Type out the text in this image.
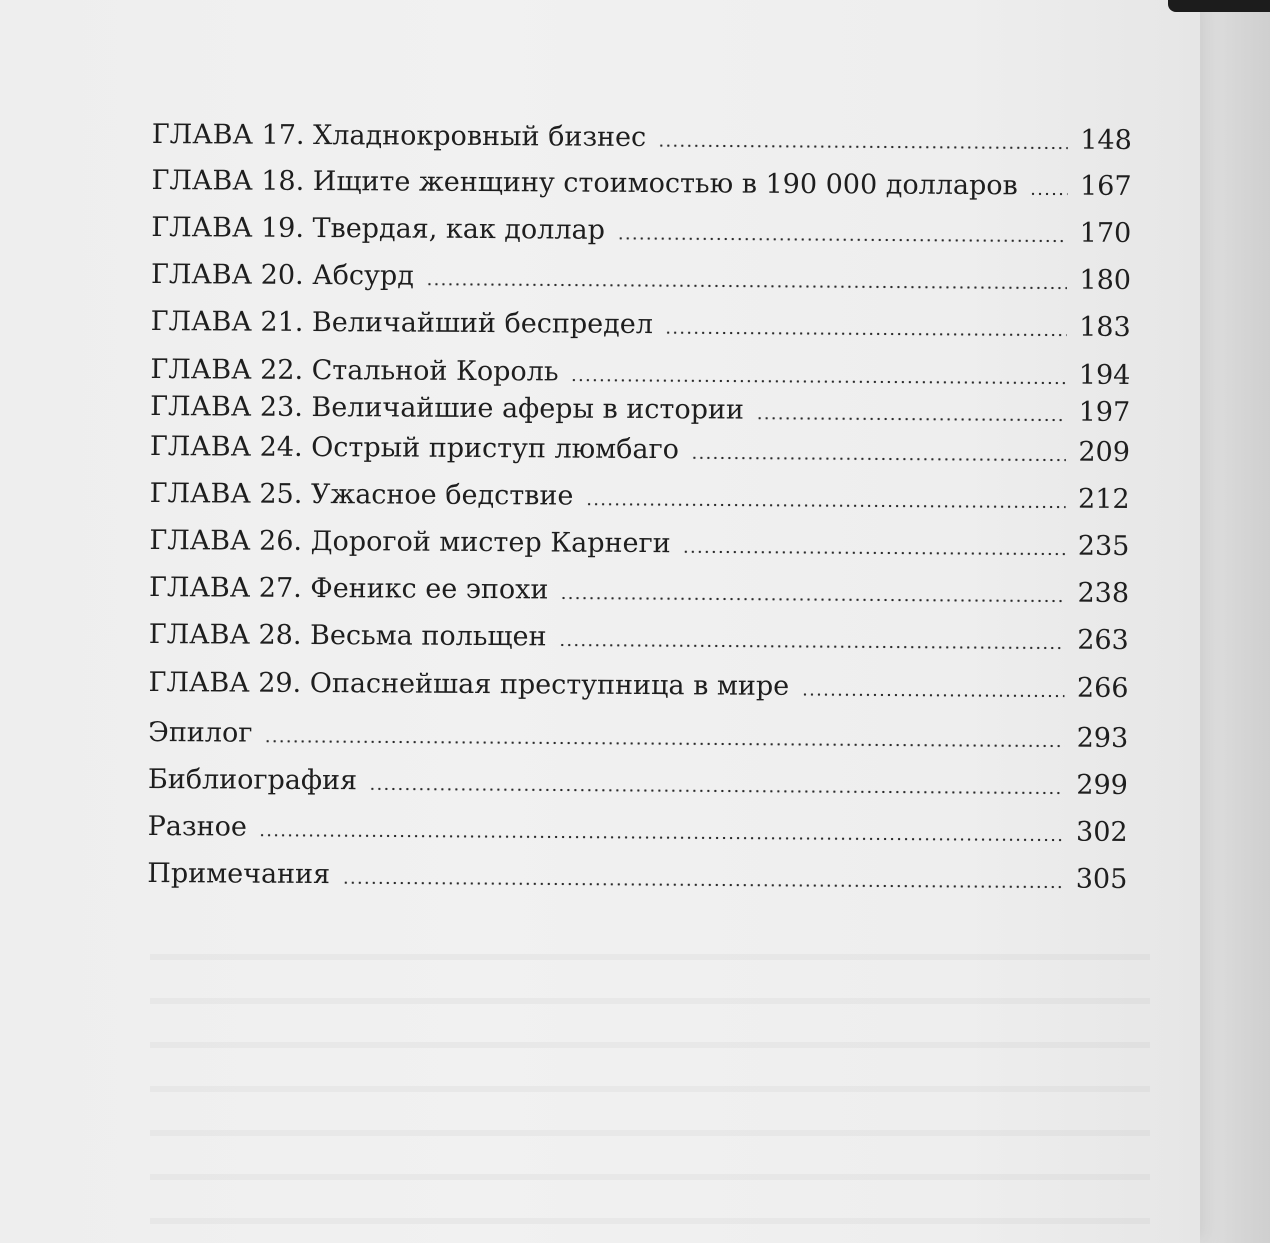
ГЛАВА 17. Хладнокровный бизнес	148
ГЛАВА 18. Ищите женщину стоимостью в 190 000 долларов	167
ГЛАВА 19. Твердая, как доллар	170
ГЛАВА 20. Абсурд	180
ГЛАВА 21. Величайший беспредел	183
ГЛАВА 22. Стальной Король	194
ГЛАВА 23. Величайшие аферы в истории	197
ГЛАВА 24. Острый приступ люмбаго	209
ГЛАВА 25. Ужасное бедствие	212
ГЛАВА 26. Дорогой мистер Карнеги	235
ГЛАВА 27. Феникс ее эпохи	238
ГЛАВА 28. Весьма польщен	263
ГЛАВА 29. Опаснейшая преступница в мире	266
Эпилог	293
Библиография	299
Разное	302
Примечания	305
